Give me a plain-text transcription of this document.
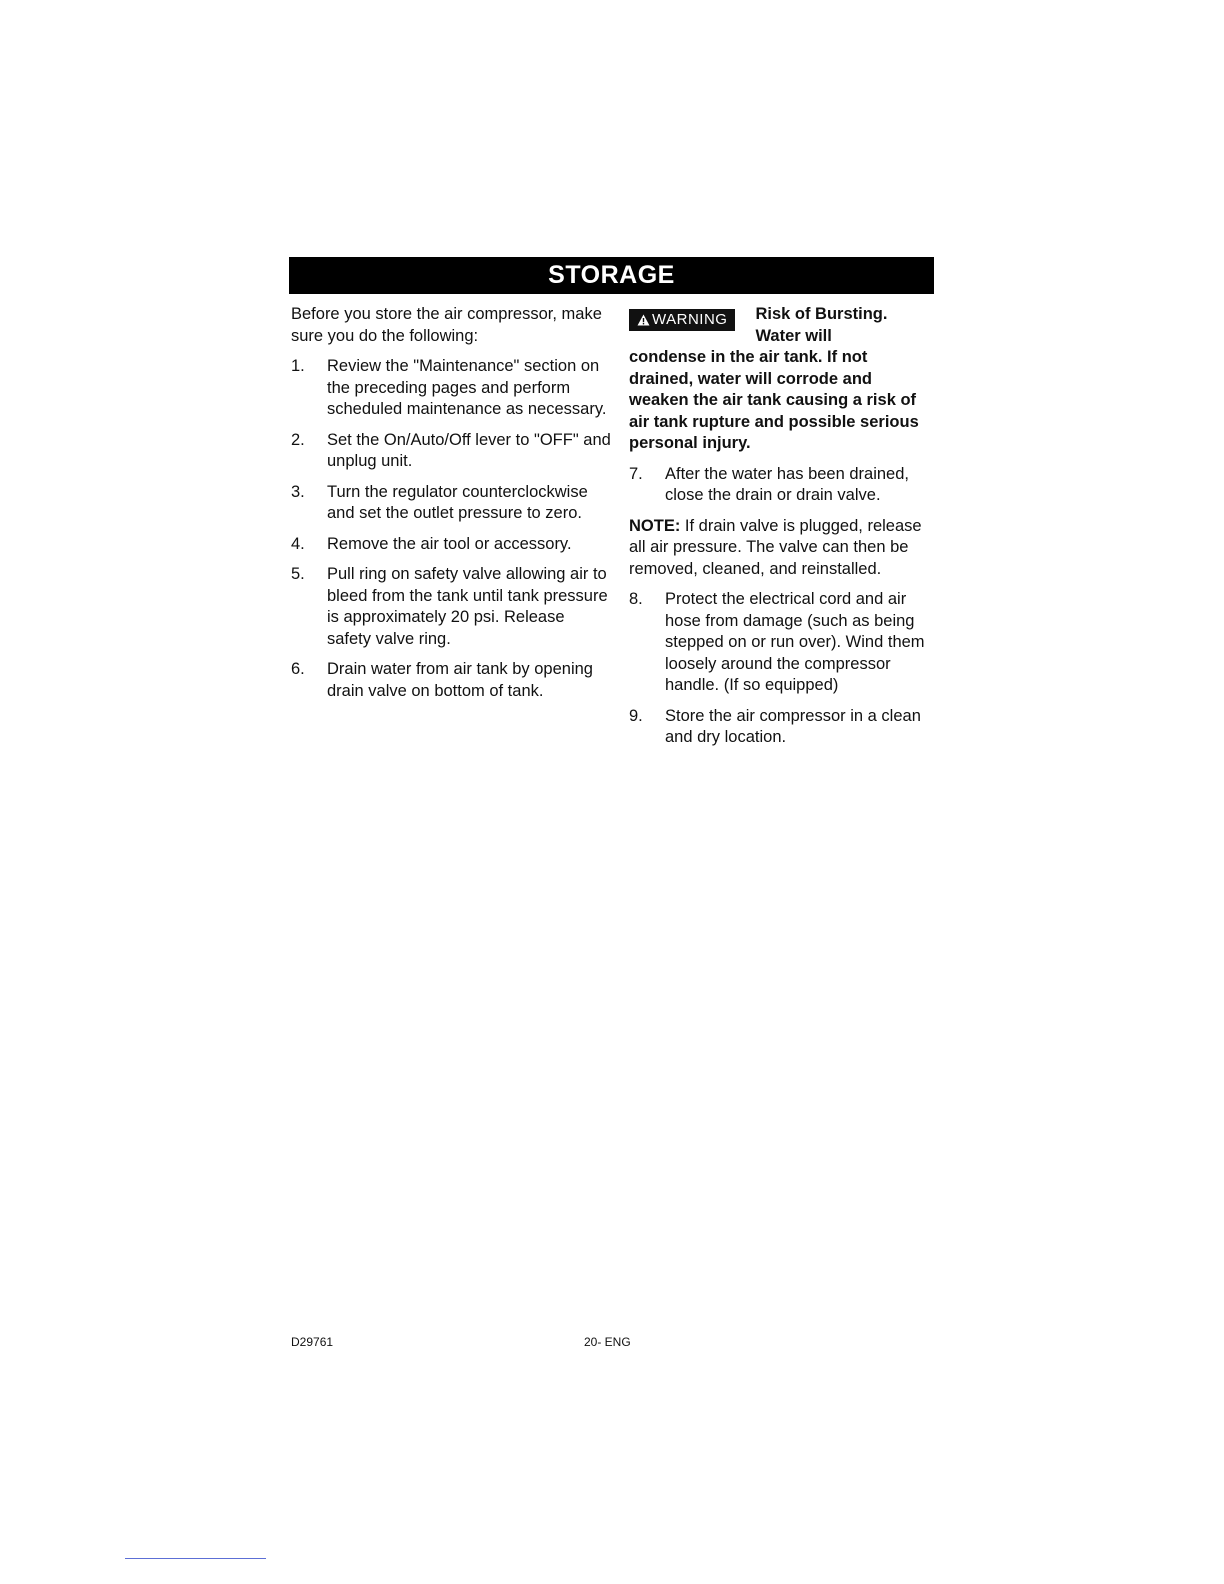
STORAGE

Before you store the air compressor, make sure you do the following:

1. Review the "Maintenance" section on the preceding pages and perform scheduled maintenance as necessary.
2. Set the On/Auto/Off lever to "OFF" and unplug unit.
3. Turn the regulator counterclockwise and set the outlet pressure to zero.
4. Remove the air tool or accessory.
5. Pull ring on safety valve allowing air to bleed from the tank until tank pressure is approximately 20 psi. Release safety valve ring.
6. Drain water from air tank by opening drain valve on bottom of tank.
WARNING Risk of Bursting. Water will

condense in the air tank. If not drained, water will corrode and weaken the air tank causing a risk of air tank rupture and possible serious personal injury.

7. After the water has been drained, close the drain or drain valve.

NOTE: If drain valve is plugged, release all air pressure. The valve can then be removed, cleaned, and reinstalled.

8. Protect the electrical cord and air hose from damage (such as being stepped on or run over). Wind them loosely around the compressor handle. (If so equipped)
9. Store the air compressor in a clean and dry location.
D29761	20- ENG
